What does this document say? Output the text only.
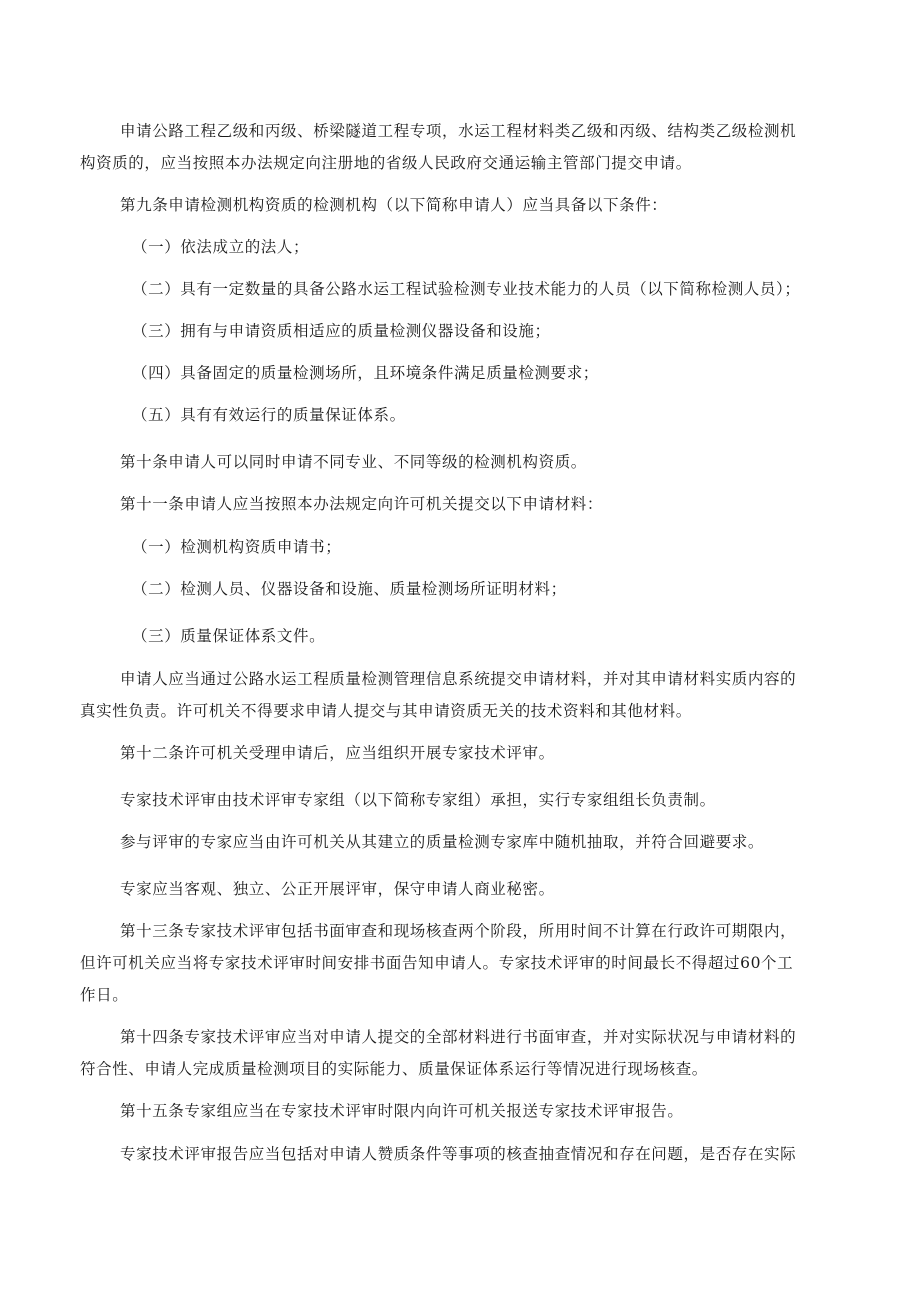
申请公路工程乙级和丙级、桥梁隧道工程专项，水运工程材料类乙级和丙级、结构类乙级检测机
构资质的，应当按照本办法规定向注册地的省级人民政府交通运输主管部门提交申请。
第九条申请检测机构资质的检测机构（以下简称申请人）应当具备以下条件：
（一）依法成立的法人；
（二）具有一定数量的具备公路水运工程试验检测专业技术能力的人员（以下简称检测人员）；
（三）拥有与申请资质相适应的质量检测仪器设备和设施；
（四）具备固定的质量检测场所，且环境条件满足质量检测要求；
（五）具有有效运行的质量保证体系。
第十条申请人可以同时申请不同专业、不同等级的检测机构资质。
第十一条申请人应当按照本办法规定向许可机关提交以下申请材料：
（一）检测机构资质申请书；
（二）检测人员、仪器设备和设施、质量检测场所证明材料；
（三）质量保证体系文件。
申请人应当通过公路水运工程质量检测管理信息系统提交申请材料，并对其申请材料实质内容的
真实性负责。许可机关不得要求申请人提交与其申请资质无关的技术资料和其他材料。
第十二条许可机关受理申请后，应当组织开展专家技术评审。
专家技术评审由技术评审专家组（以下简称专家组）承担，实行专家组组长负责制。
参与评审的专家应当由许可机关从其建立的质量检测专家库中随机抽取，并符合回避要求。
专家应当客观、独立、公正开展评审，保守申请人商业秘密。
第十三条专家技术评审包括书面审查和现场核查两个阶段，所用时间不计算在行政许可期限内，
但许可机关应当将专家技术评审时间安排书面告知申请人。专家技术评审的时间最长不得超过60个工
作日。
第十四条专家技术评审应当对申请人提交的全部材料进行书面审查，并对实际状况与申请材料的
符合性、申请人完成质量检测项目的实际能力、质量保证体系运行等情况进行现场核查。
第十五条专家组应当在专家技术评审时限内向许可机关报送专家技术评审报告。
专家技术评审报告应当包括对申请人赞质条件等事项的核查抽查情况和存在问题，是否存在实际
